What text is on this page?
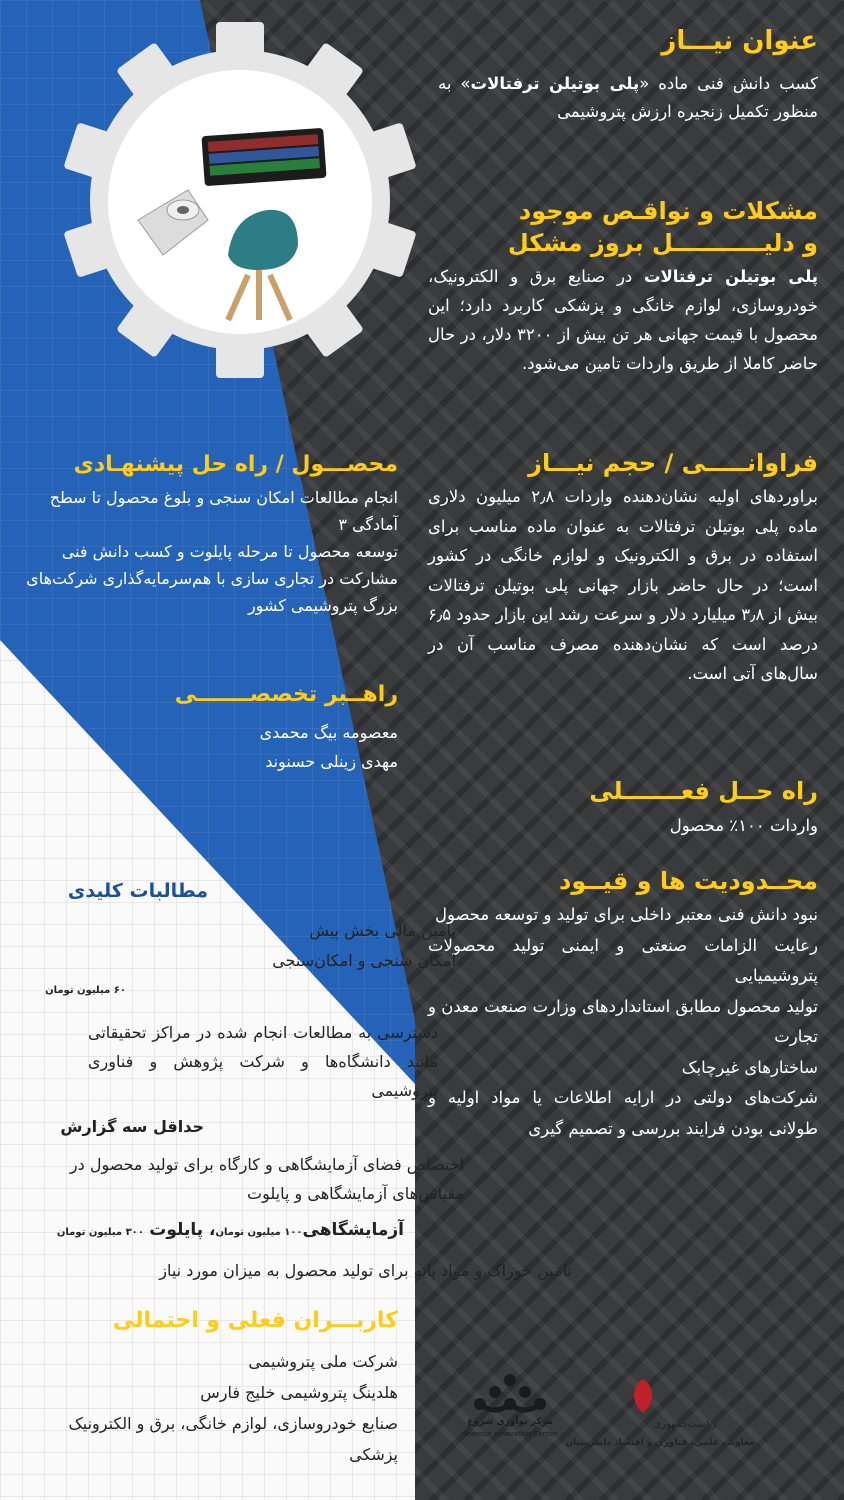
عنوان نیـــاز
کسب دانش فنی ماده «پلی بوتیلن ترفتالات» به منظور تکمیل زنجیره ارزش پتروشیمی
مشکلات و نواقـص موجود
و دلیـــــــــــل بروز مشکل
پلی بوتیلن ترفتالات در صنایع برق و الکترونیک، خودروسازی، لوازم خانگی و پزشکی کاربرد دارد؛ این محصول با قیمت جهانی هر تن بیش از ۳۲۰۰ دلار، در حال حاضر کاملا از طریق واردات تامین می‌شود.
فراوانـــــی / حجم نیـــاز
براوردهای اولیه نشان‌دهنده واردات ۲٫۸ میلیون دلاری ماده پلی بوتیلن ترفتالات به عنوان ماده مناسب برای استفاده در برق و الکترونیک و لوازم خانگی در کشور است؛ در حال حاضر بازار جهانی پلی بوتیلن ترفتالات بیش از ۳٫۸ میلیارد دلار و سرعت رشد این بازار حدود ۶٫۵ درصد است که نشان‌دهنده مصرف مناسب آن در سال‌های آتی است.
راه حــل فعـــــــلی
واردات ۱۰۰٪ محصول
محــدودیت ها و قیــود
نبود دانش فنی معتبر داخلی برای تولید و توسعه محصول
رعایت الزامات صنعتی و ایمنی تولید محصولات پتروشیمیایی
تولید محصول مطابق استانداردهای وزارت صنعت معدن و تجارت
ساختارهای غیرچابک
شرکت‌های دولتی در ارایه اطلاعات یا مواد اولیه و طولانی بودن فرایند بررسی و تصمیم گیری
محصـــول / راه حل پیشنهـادی
انجام مطالعات امکان سنجی و بلوغ محصول تا سطح آمادگی ۳
توسعه محصول تا مرحله پایلوت و کسب دانش فنی
مشارکت در تجاری سازی با هم‌سرمایه‌گذاری شرکت‌های بزرگ پتروشیمی کشور
راهــبر تخصصـــــــی
معصومه بیگ محمدی
مهدی زینلی حسنوند
مطالبات کلیدی
تامین مالی بخش پیش
امکان سنجی و امکان‌سنجی
۶۰ میلیون تومان
دسترسی به مطالعات انجام شده در مراکز تحقیقاتی مانند دانشگاه‌ها و شرکت پژوهش و فناوری پتروشیمی
حداقل سه گزارش
اختصاص فضای آزمایشگاهی و کارگاه برای تولید محصول در مقیاس‌های آزمایشگاهی و پایلوت
آزمایشگاهی۱۰۰ میلیون تومان، پایلوت ۳۰۰ میلیون تومان
تامین خوراک و مواد پایه برای تولید محصول به میزان مورد نیاز
کاربـــران فعلی و احتمالی
شرکت ملی پتروشیمی
هلدینگ پتروشیمی خلیج فارس
صنایع خودروسازی، لوازم خانگی، برق و الکترونیک
پزشکی
ریاست‌جمهوری
معاونت علمی، فناوری و اقتصاد دانش‌بنیان
مرکز نوآوری شروع
Shoroue Innovation Center
